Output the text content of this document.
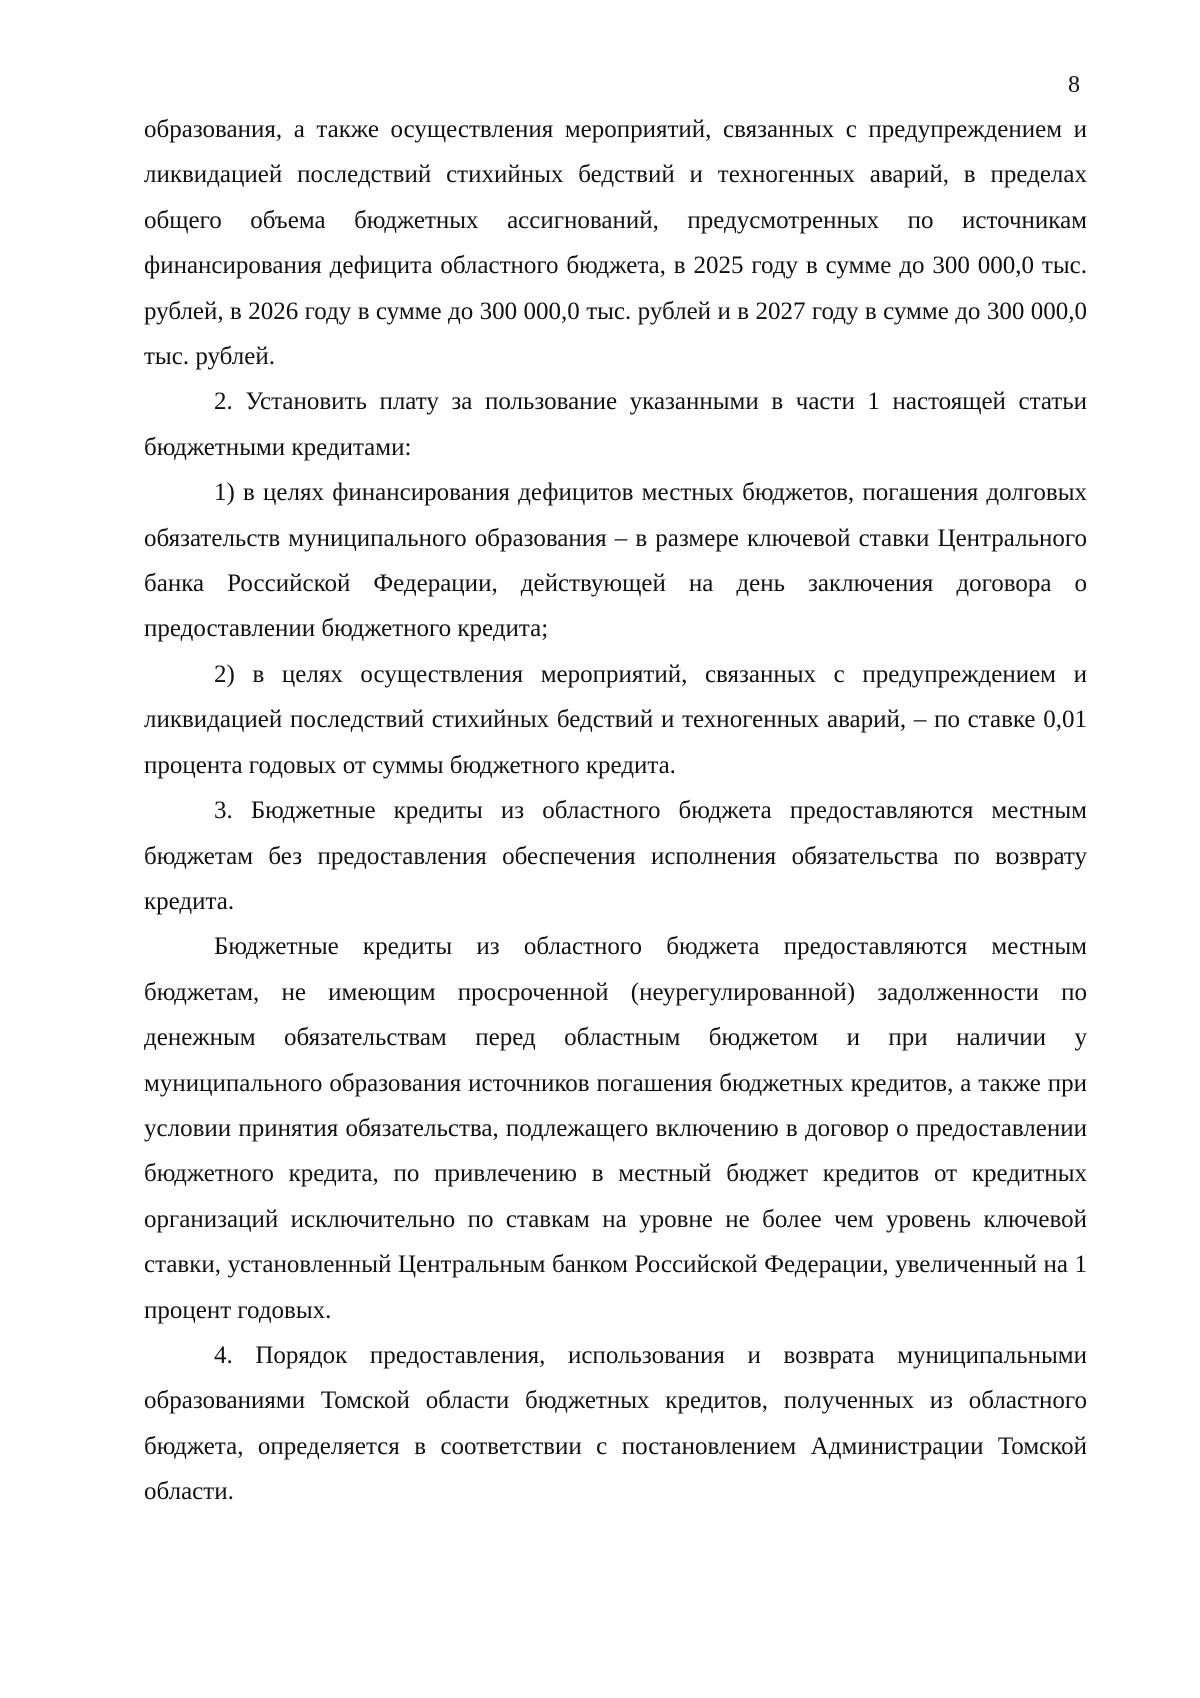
8

образования, а также осуществления мероприятий, связанных с предупреждением и ликвидацией последствий стихийных бедствий и техногенных аварий, в пределах общего объема бюджетных ассигнований, предусмотренных по источникам финансирования дефицита областного бюджета, в 2025 году в сумме до 300 000,0 тыс. рублей, в 2026 году в сумме до 300 000,0 тыс. рублей и в 2027 году в сумме до 300 000,0 тыс. рублей.

2. Установить плату за пользование указанными в части 1 настоящей статьи бюджетными кредитами:

1) в целях финансирования дефицитов местных бюджетов, погашения долговых обязательств муниципального образования – в размере ключевой ставки Центрального банка Российской Федерации, действующей на день заключения договора о предоставлении бюджетного кредита;

2) в целях осуществления мероприятий, связанных с предупреждением и ликвидацией последствий стихийных бедствий и техногенных аварий, – по ставке 0,01 процента годовых от суммы бюджетного кредита.

3. Бюджетные кредиты из областного бюджета предоставляются местным бюджетам без предоставления обеспечения исполнения обязательства по возврату кредита.

Бюджетные кредиты из областного бюджета предоставляются местным бюджетам, не имеющим просроченной (неурегулированной) задолженности по денежным обязательствам перед областным бюджетом и при наличии у муниципального образования источников погашения бюджетных кредитов, а также при условии принятия обязательства, подлежащего включению в договор о предоставлении бюджетного кредита, по привлечению в местный бюджет кредитов от кредитных организаций исключительно по ставкам на уровне не более чем уровень ключевой ставки, установленный Центральным банком Российской Федерации, увеличенный на 1 процент годовых.

4. Порядок предоставления, использования и возврата муниципальными образованиями Томской области бюджетных кредитов, полученных из областного бюджета, определяется в соответствии с постановлением Администрации Томской области.
